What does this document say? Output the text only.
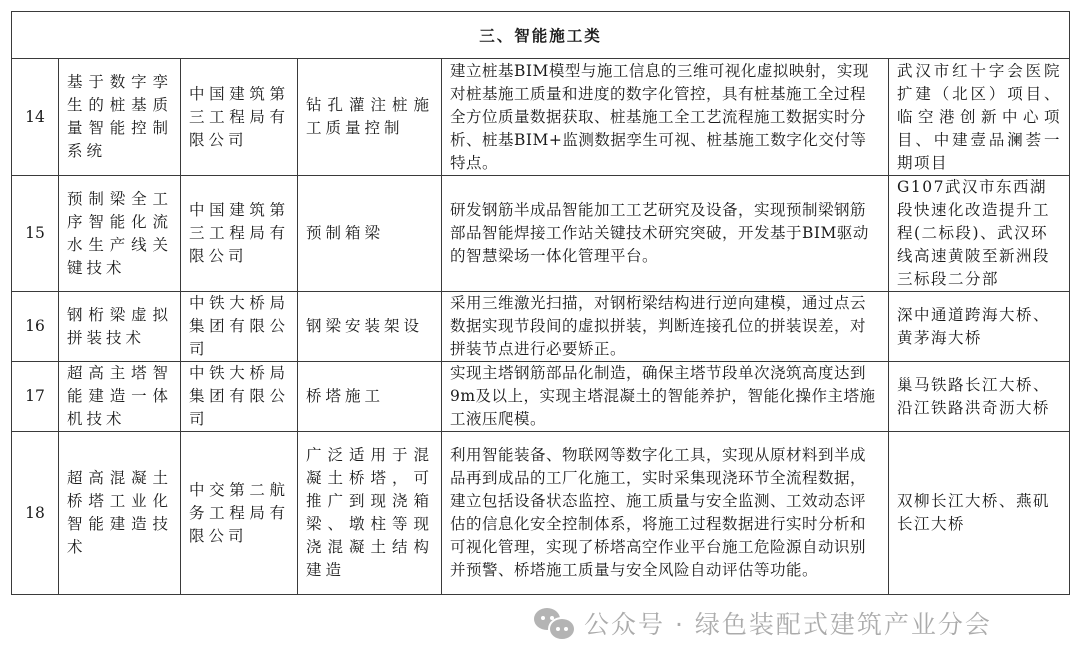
三、智能施工类					
14	基于数字孪生的桩基质量智能控制系统	中国建筑第三工程局有限公司	钻孔灌注桩施工质量控制	建立桩基BIM模型与施工信息的三维可视化虚拟映射，实现对桩基施工质量和进度的数字化管控，具有桩基施工全过程全方位质量数据获取、桩基施工全工艺流程施工数据实时分析、桩基BIM+监测数据孪生可视、桩基施工数字化交付等特点。	武汉市红十字会医院扩建（北区）项目、临空港创新中心项目、中建壹品澜荟一期项目
15	预制梁全工序智能化流水生产线关键技术	中国建筑第三工程局有限公司	预制箱梁	研发钢筋半成品智能加工工艺研究及设备，实现预制梁钢筋部品智能焊接工作站关键技术研究突破，开发基于BIM驱动的智慧梁场一体化管理平台。	G107武汉市东西湖段快速化改造提升工程(二标段)、武汉环线高速黄陂至新洲段三标段二分部
16	钢桁梁虚拟拼装技术	中铁大桥局集团有限公司	钢梁安装架设	采用三维激光扫描，对钢桁梁结构进行逆向建模，通过点云数据实现节段间的虚拟拼装，判断连接孔位的拼装误差，对拼装节点进行必要矫正。	深中通道跨海大桥、黄茅海大桥
17	超高主塔智能建造一体机技术	中铁大桥局集团有限公司	桥塔施工	实现主塔钢筋部品化制造，确保主塔节段单次浇筑高度达到9m及以上，实现主塔混凝土的智能养护，智能化操作主塔施工液压爬模。	巢马铁路长江大桥、沿江铁路洪奇沥大桥
18	超高混凝土桥塔工业化智能建造技术	中交第二航务工程局有限公司	广泛适用于混凝土桥塔，可推广到现浇箱梁、墩柱等现浇混凝土结构建造	利用智能装备、物联网等数字化工具，实现从原材料到半成品再到成品的工厂化施工，实时采集现浇环节全流程数据，建立包括设备状态监控、施工质量与安全监测、工效动态评估的信息化安全控制体系，将施工过程数据进行实时分析和可视化管理，实现了桥塔高空作业平台施工危险源自动识别并预警、桥塔施工质量与安全风险自动评估等功能。	双柳长江大桥、燕矶长江大桥
公众号 · 绿色装配式建筑产业分会
